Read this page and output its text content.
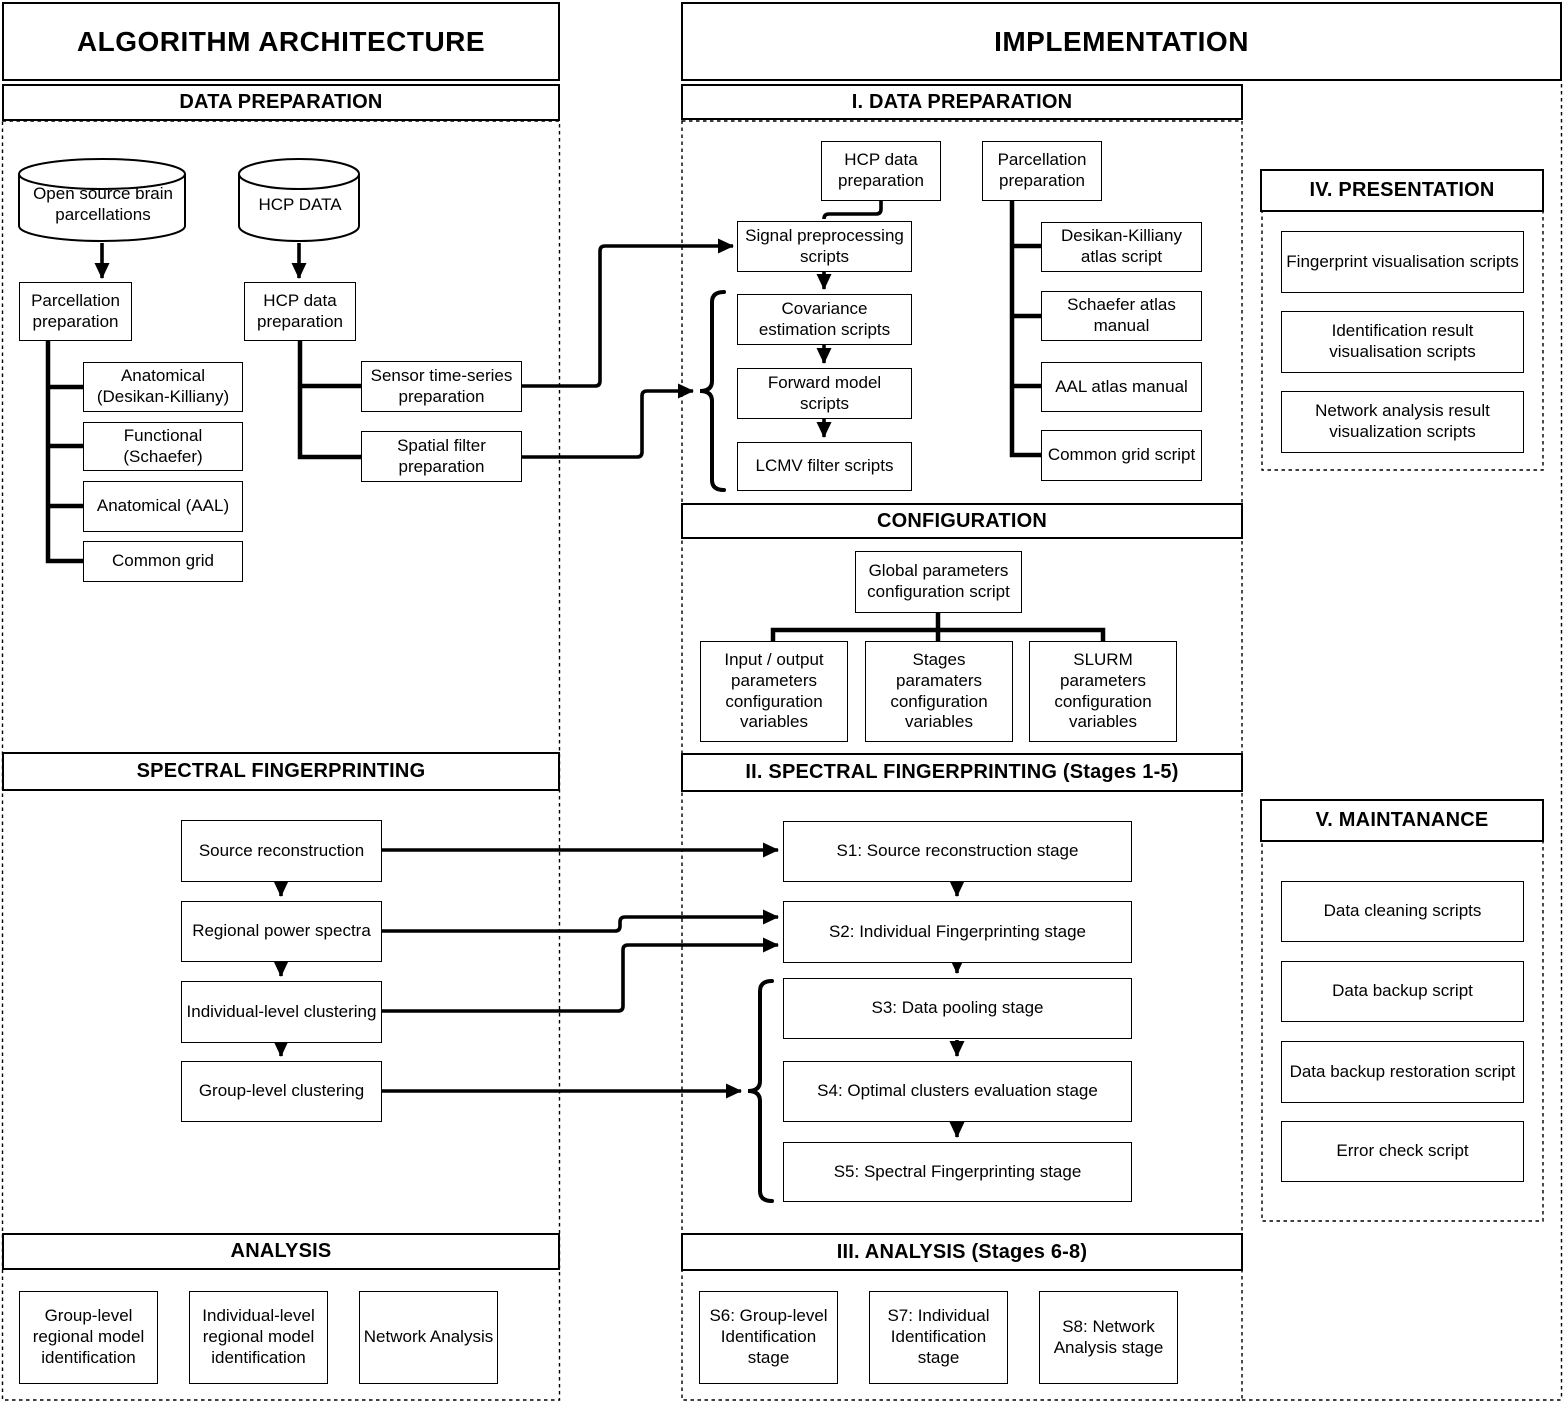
ALGORITHM ARCHITECTURE
DATA PREPARATION
Open source brain parcellations
HCP DATA
Parcellation preparation
HCP data preparation
Anatomical (Desikan-Killiany)
Functional (Schaefer)
Anatomical (AAL)
Common grid
Sensor time-series preparation
Spatial filter preparation
SPECTRAL FINGERPRINTING
Source reconstruction
Regional power spectra
Individual-level clustering
Group-level clustering
ANALYSIS
Group-level regional model identification
Individual-level regional model identification
Network Analysis
IMPLEMENTATION
I. DATA PREPARATION
HCP data preparation
Parcellation preparation
Signal preprocessing scripts
Covariance estimation scripts
Forward model scripts
LCMV filter scripts
Desikan-Killiany atlas script
Schaefer atlas manual
AAL atlas manual
Common grid script
CONFIGURATION
Global parameters configuration script
Input / output parameters configuration variables
Stages paramaters configuration variables
SLURM parameters configuration variables
II. SPECTRAL FINGERPRINTING (Stages 1-5)
S1: Source reconstruction stage
S2: Individual Fingerprinting stage
S3: Data pooling stage
S4: Optimal clusters evaluation stage
S5: Spectral Fingerprinting stage
III. ANALYSIS (Stages 6-8)
S6: Group-level Identification stage
S7: Individual Identification stage
S8: Network Analysis stage
IV. PRESENTATION
Fingerprint visualisation scripts
Identification result visualisation scripts
Network analysis result visualization scripts
V. MAINTANANCE
Data cleaning scripts
Data backup script
Data backup restoration script
Error check script
